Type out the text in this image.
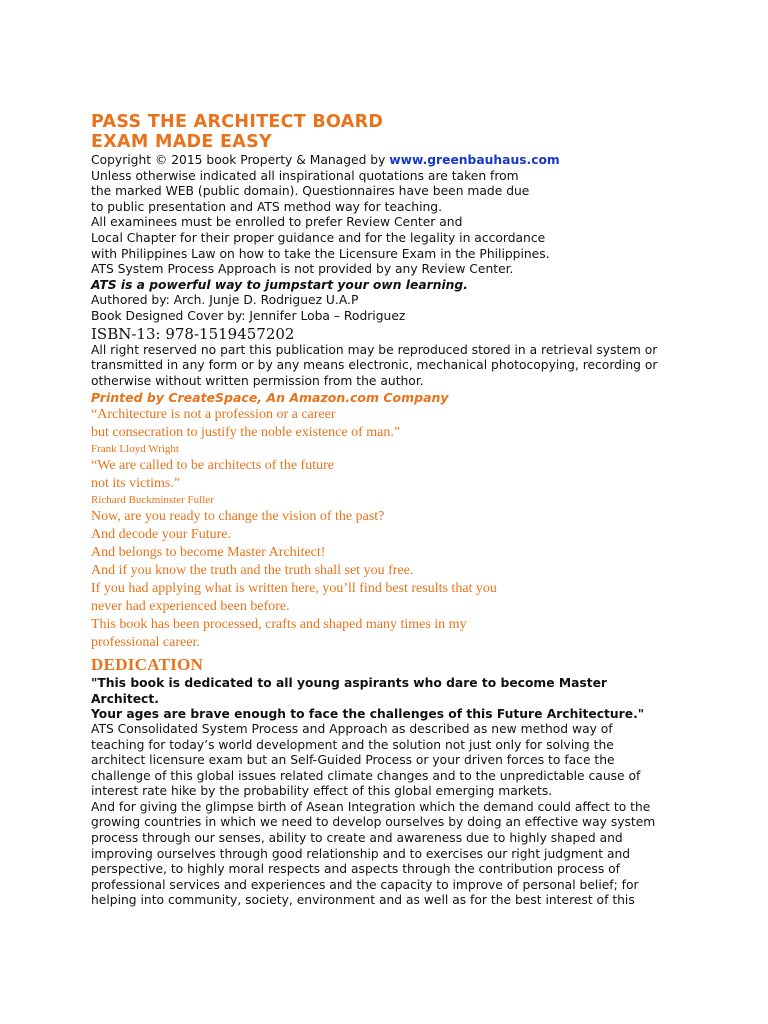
PASS THE ARCHITECT BOARD
EXAM MADE EASY
Copyright © 2015 book Property & Managed by www.greenbauhaus.com
Unless otherwise indicated all inspirational quotations are taken from
the marked WEB (public domain). Questionnaires have been made due
to public presentation and ATS method way for teaching.
All examinees must be enrolled to prefer Review Center and
Local Chapter for their proper guidance and for the legality in accordance
with Philippines Law on how to take the Licensure Exam in the Philippines.
ATS System Process Approach is not provided by any Review Center.
ATS is a powerful way to jumpstart your own learning.
Authored by: Arch. Junje D. Rodriguez U.A.P
Book Designed Cover by: Jennifer Loba – Rodriguez
ISBN-13: 978-1519457202
All right reserved no part this publication may be reproduced stored in a retrieval system or
transmitted in any form or by any means electronic, mechanical photocopying, recording or
otherwise without written permission from the author.
Printed by CreateSpace, An Amazon.com Company
“Architecture is not a profession or a career
but consecration to justify the noble existence of man.”
Frank Lloyd Wright
“We are called to be architects of the future
not its victims.”
Richard Buckminster Fuller
Now, are you ready to change the vision of the past?
And decode your Future.
And belongs to become Master Architect!
And if you know the truth and the truth shall set you free.
If you had applying what is written here, you’ll find best results that you
never had experienced been before.
This book has been processed, crafts and shaped many times in my
professional career.
DEDICATION
"This book is dedicated to all young aspirants who dare to become Master
Architect.
Your ages are brave enough to face the challenges of this Future Architecture."
ATS Consolidated System Process and Approach as described as new method way of
teaching for today’s world development and the solution not just only for solving the
architect licensure exam but an Self-Guided Process or your driven forces to face the
challenge of this global issues related climate changes and to the unpredictable cause of
interest rate hike by the probability effect of this global emerging markets.
And for giving the glimpse birth of Asean Integration which the demand could affect to the
growing countries in which we need to develop ourselves by doing an effective way system
process through our senses, ability to create and awareness due to highly shaped and
improving ourselves through good relationship and to exercises our right judgment and
perspective, to highly moral respects and aspects through the contribution process of
professional services and experiences and the capacity to improve of personal belief; for
helping into community, society, environment and as well as for the best interest of this
